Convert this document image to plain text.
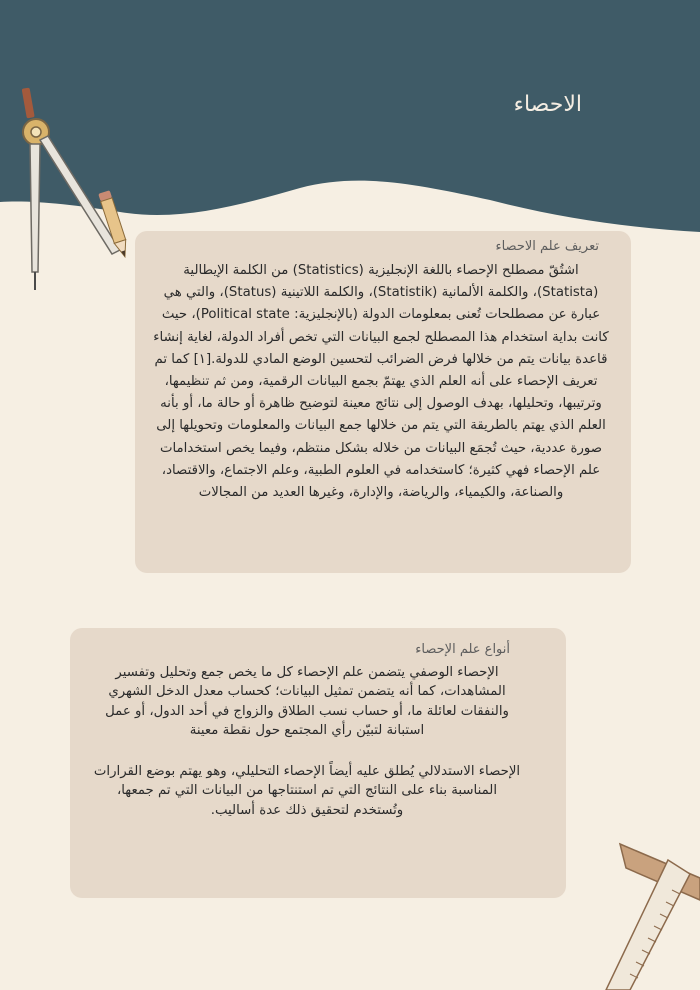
الاحصاء
تعريف علم الاحصاء

اشتُقّ مصطلح الإحصاء باللغة الإنجليزية (Statistics) من الكلمة الإيطالية (Statista)، والكلمة الألمانية (Statistik)، والكلمة اللاتينية (Status)، والتي هي عبارة عن مصطلحات تُعنى بمعلومات الدولة (بالإنجليزية: Political state)، حيث كانت بداية استخدام هذا المصطلح لجمع البيانات التي تخص أفراد الدولة، لغاية إنشاء قاعدة بيانات يتم من خلالها فرض الضرائب لتحسين الوضع المادي للدولة.[١] كما تم تعريف الإحصاء على أنه العلم الذي يهتمّ بجمع البيانات الرقمية، ومن ثم تنظيمها، وترتيبها، وتحليلها، بهدف الوصول إلى نتائج معينة لتوضيح ظاهرة أو حالة ما، أو بأنه العلم الذي يهتم بالطريقة التي يتم من خلالها جمع البيانات والمعلومات وتحويلها إلى صورة عددية، حيث تُجمَع البيانات من خلاله بشكل منتظم، وفيما يخص استخدامات علم الإحصاء فهي كثيرة؛ كاستخدامه في العلوم الطبية، وعلم الاجتماع، والاقتصاد، والصناعة، والكيمياء، والرياضة، والإدارة، وغيرها العديد من المجالات

أنواع علم الإحصاء

الإحصاء الوصفي يتضمن علم الإحصاء كل ما يخص جمع وتحليل وتفسير المشاهدات، كما أنه يتضمن تمثيل البيانات؛ كحساب معدل الدخل الشهري والنفقات لعائلة ما، أو حساب نسب الطلاق والزواج في أحد الدول، أو عمل استبانة لتبيّن رأي المجتمع حول نقطة معينة

الإحصاء الاستدلالي يُطلق عليه أيضاً الإحصاء التحليلي، وهو يهتم بوضع القرارات المناسبة بناء على النتائج التي تم استنتاجها من البيانات التي تم جمعها، وتُستخدم لتحقيق ذلك عدة أساليب.
